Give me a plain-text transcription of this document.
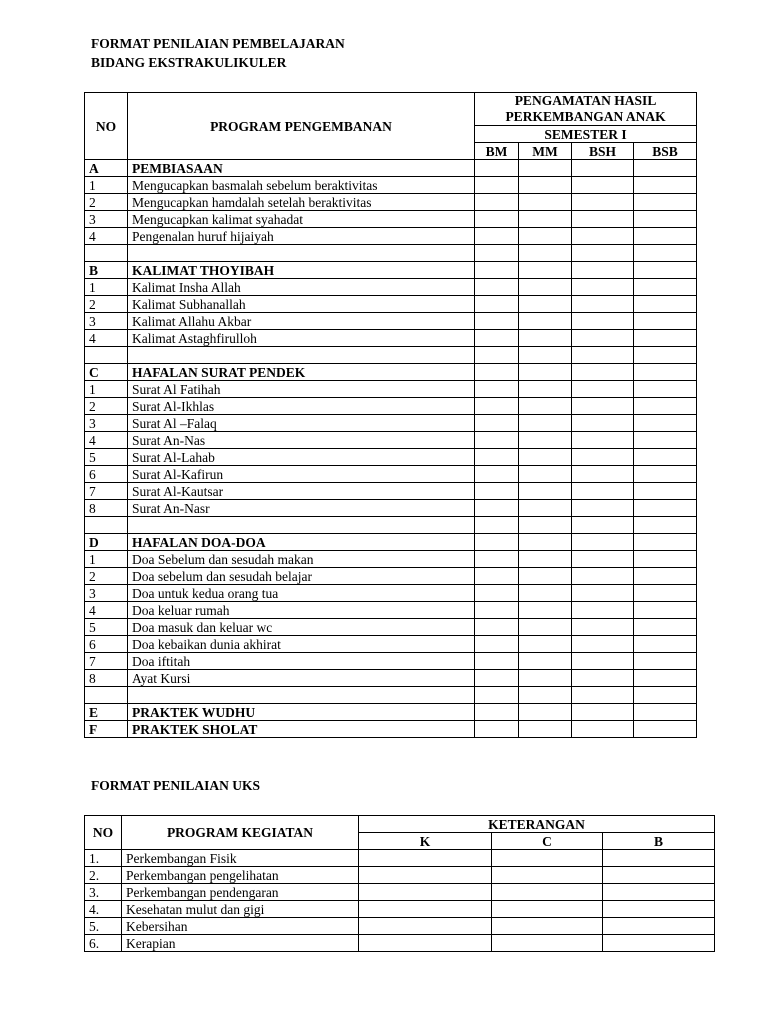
FORMAT PENILAIAN PEMBELAJARAN
BIDANG EKSTRAKULIKULER
NO	PROGRAM PENGEMBANAN	PENGAMATAN HASIL PERKEMBANGAN ANAK			
		SEMESTER I			
		BM	MM	BSH	BSB
A	PEMBIASAAN				
1	Mengucapkan basmalah sebelum beraktivitas				
2	Mengucapkan hamdalah setelah beraktivitas				
3	Mengucapkan kalimat syahadat				
4	Pengenalan huruf hijaiyah				

B	KALIMAT THOYIBAH				
1	Kalimat Insha Allah				
2	Kalimat Subhanallah				
3	Kalimat Allahu Akbar				
4	Kalimat Astaghfirulloh				

C	HAFALAN SURAT PENDEK				
1	Surat Al Fatihah				
2	Surat Al-Ikhlas				
3	Surat Al –Falaq				
4	Surat An-Nas				
5	Surat Al-Lahab				
6	Surat Al-Kafirun				
7	Surat Al-Kautsar				
8	Surat An-Nasr				

D	HAFALAN DOA-DOA				
1	Doa Sebelum dan sesudah makan				
2	Doa sebelum dan sesudah belajar				
3	Doa untuk kedua orang tua				
4	Doa keluar rumah				
5	Doa masuk dan keluar wc				
6	Doa kebaikan dunia akhirat				
7	Doa iftitah				
8	Ayat Kursi				

E	PRAKTEK WUDHU				
F	PRAKTEK SHOLAT				
FORMAT PENILAIAN UKS
NO	PROGRAM KEGIATAN	KETERANGAN		
		K	C	B
1.	Perkembangan Fisik			
2.	Perkembangan pengelihatan			
3.	Perkembangan pendengaran			
4.	Kesehatan mulut dan gigi			
5.	Kebersihan			
6.	Kerapian			
